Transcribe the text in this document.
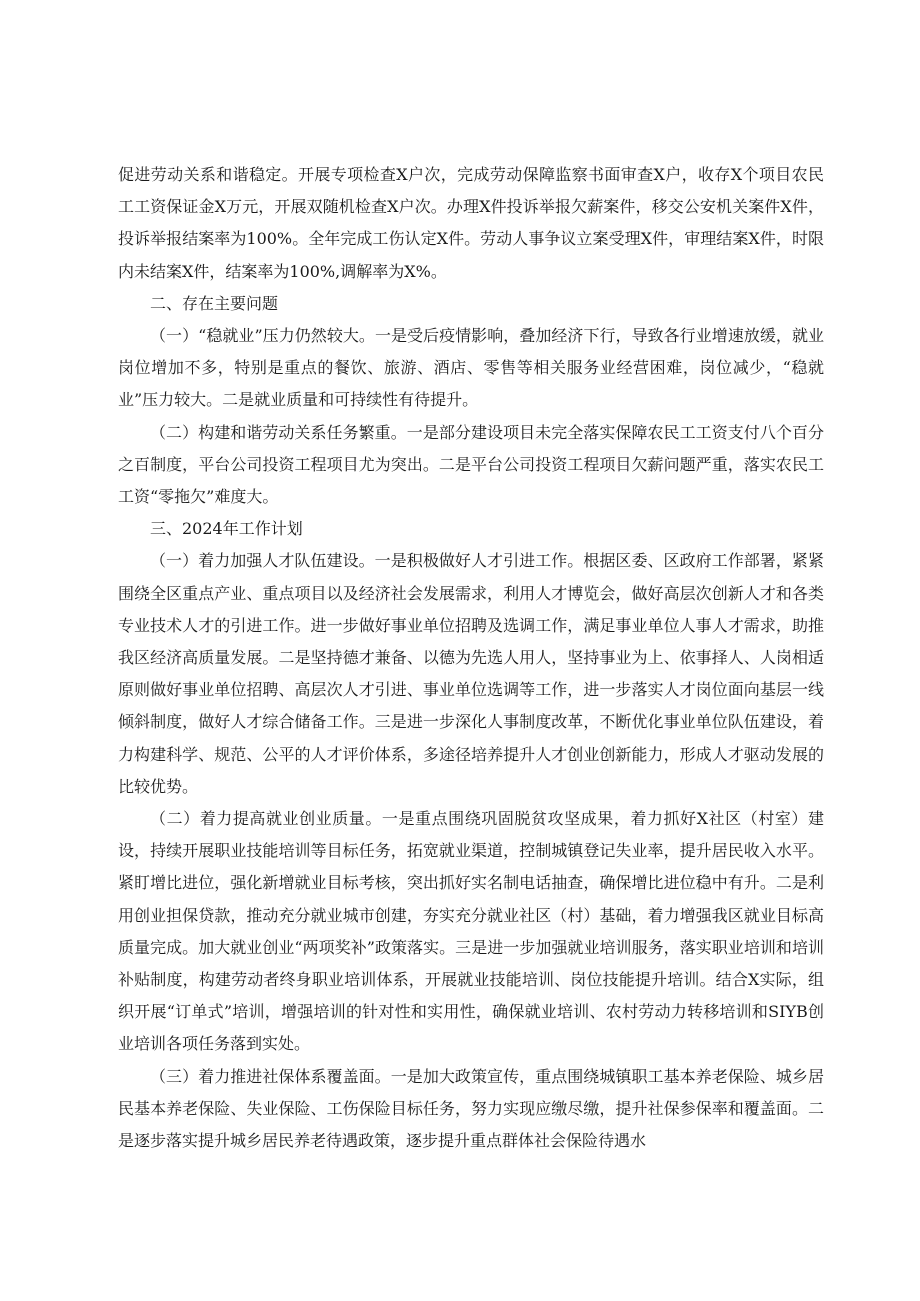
促进劳动关系和谐稳定。开展专项检查X户次，完成劳动保障监察书面审查X户，收存X个项目农民工工资保证金X万元，开展双随机检查X户次。办理X件投诉举报欠薪案件，移交公安机关案件X件，投诉举报结案率为100%。全年完成工伤认定X件。劳动人事争议立案受理X件，审理结案X件，时限内未结案X件，结案率为100%,调解率为X%。

二、存在主要问题

（一）“稳就业”压力仍然较大。一是受后疫情影响，叠加经济下行，导致各行业增速放缓，就业岗位增加不多，特别是重点的餐饮、旅游、酒店、零售等相关服务业经营困难，岗位减少，“稳就业”压力较大。二是就业质量和可持续性有待提升。

（二）构建和谐劳动关系任务繁重。一是部分建设项目未完全落实保障农民工工资支付八个百分之百制度，平台公司投资工程项目尤为突出。二是平台公司投资工程项目欠薪问题严重，落实农民工工资“零拖欠”难度大。

三、2024年工作计划

（一）着力加强人才队伍建设。一是积极做好人才引进工作。根据区委、区政府工作部署，紧紧围绕全区重点产业、重点项目以及经济社会发展需求，利用人才博览会，做好高层次创新人才和各类专业技术人才的引进工作。进一步做好事业单位招聘及选调工作，满足事业单位人事人才需求，助推我区经济高质量发展。二是坚持德才兼备、以德为先选人用人，坚持事业为上、依事择人、人岗相适原则做好事业单位招聘、高层次人才引进、事业单位选调等工作，进一步落实人才岗位面向基层一线倾斜制度，做好人才综合储备工作。三是进一步深化人事制度改革，不断优化事业单位队伍建设，着力构建科学、规范、公平的人才评价体系，多途径培养提升人才创业创新能力，形成人才驱动发展的比较优势。

（二）着力提高就业创业质量。一是重点围绕巩固脱贫攻坚成果，着力抓好X社区（村室）建设，持续开展职业技能培训等目标任务，拓宽就业渠道，控制城镇登记失业率，提升居民收入水平。紧盯增比进位，强化新增就业目标考核，突出抓好实名制电话抽查，确保增比进位稳中有升。二是利用创业担保贷款，推动充分就业城市创建，夯实充分就业社区（村）基础，着力增强我区就业目标高质量完成。加大就业创业“两项奖补”政策落实。三是进一步加强就业培训服务，落实职业培训和培训补贴制度，构建劳动者终身职业培训体系，开展就业技能培训、岗位技能提升培训。结合X实际，组织开展“订单式”培训，增强培训的针对性和实用性，确保就业培训、农村劳动力转移培训和SIYB创业培训各项任务落到实处。

（三）着力推进社保体系覆盖面。一是加大政策宣传，重点围绕城镇职工基本养老保险、城乡居民基本养老保险、失业保险、工伤保险目标任务，努力实现应缴尽缴，提升社保参保率和覆盖面。二是逐步落实提升城乡居民养老待遇政策，逐步提升重点群体社会保险待遇水
